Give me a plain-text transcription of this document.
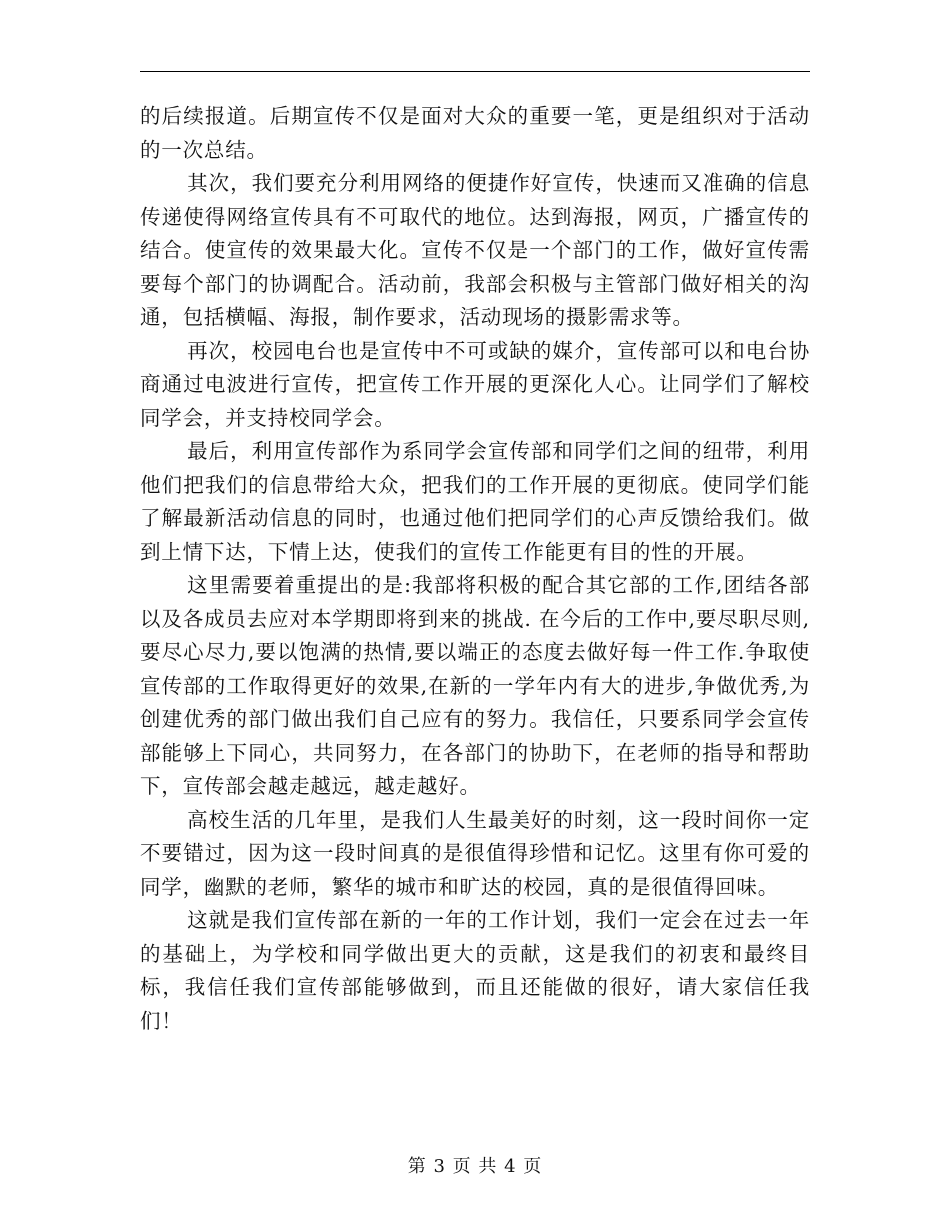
的后续报道。后期宣传不仅是面对大众的重要一笔，更是组织对于活动的一次总结。

其次，我们要充分利用网络的便捷作好宣传，快速而又准确的信息传递使得网络宣传具有不可取代的地位。达到海报，网页，广播宣传的结合。使宣传的效果最大化。宣传不仅是一个部门的工作，做好宣传需要每个部门的协调配合。活动前，我部会积极与主管部门做好相关的沟通，包括横幅、海报，制作要求，活动现场的摄影需求等。

再次，校园电台也是宣传中不可或缺的媒介，宣传部可以和电台协商通过电波进行宣传，把宣传工作开展的更深化人心。让同学们了解校同学会，并支持校同学会。

最后，利用宣传部作为系同学会宣传部和同学们之间的纽带，利用他们把我们的信息带给大众，把我们的工作开展的更彻底。使同学们能了解最新活动信息的同时，也通过他们把同学们的心声反馈给我们。做到上情下达，下情上达，使我们的宣传工作能更有目的性的开展。

这里需要着重提出的是:我部将积极的配合其它部的工作,团结各部以及各成员去应对本学期即将到来的挑战. 在今后的工作中,要尽职尽则,要尽心尽力,要以饱满的热情,要以端正的态度去做好每一件工作.争取使宣传部的工作取得更好的效果,在新的一学年内有大的进步,争做优秀,为创建优秀的部门做出我们自己应有的努力。我信任，只要系同学会宣传部能够上下同心，共同努力，在各部门的协助下，在老师的指导和帮助下，宣传部会越走越远，越走越好。

高校生活的几年里，是我们人生最美好的时刻，这一段时间你一定不要错过，因为这一段时间真的是很值得珍惜和记忆。这里有你可爱的同学，幽默的老师，繁华的城市和旷达的校园，真的是很值得回味。

这就是我们宣传部在新的一年的工作计划，我们一定会在过去一年的基础上，为学校和同学做出更大的贡献，这是我们的初衷和最终目标，我信任我们宣传部能够做到，而且还能做的很好，请大家信任我们！

第 3 页 共 4 页
